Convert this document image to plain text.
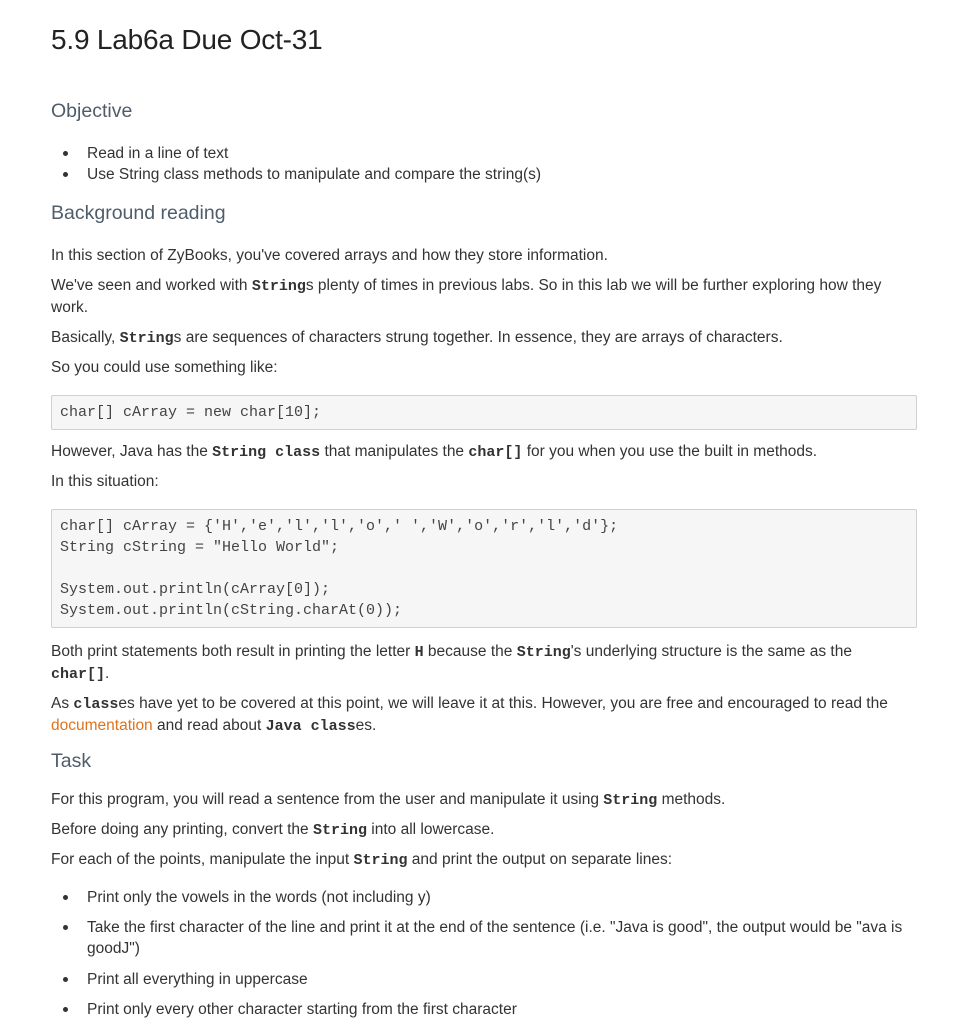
5.9 Lab6a Due Oct-31
Objective
Read in a line of text
Use String class methods to manipulate and compare the string(s)
Background reading
In this section of ZyBooks, you've covered arrays and how they store information.
We've seen and worked with Strings plenty of times in previous labs. So in this lab we will be further exploring how they work.
Basically, Strings are sequences of characters strung together. In essence, they are arrays of characters.
So you could use something like:
char[] cArray = new char[10];
However, Java has the String class that manipulates the char[] for you when you use the built in methods.
In this situation:
char[] cArray = {'H','e','l','l','o',' ','W','o','r','l','d'};
String cString = "Hello World";

System.out.println(cArray[0]);
System.out.println(cString.charAt(0));
Both print statements both result in printing the letter H because the String's underlying structure is the same as the char[].
As classes have yet to be covered at this point, we will leave it at this. However, you are free and encouraged to read the documentation and read about Java classes.
Task
For this program, you will read a sentence from the user and manipulate it using String methods.
Before doing any printing, convert the String into all lowercase.
For each of the points, manipulate the input String and print the output on separate lines:
Print only the vowels in the words (not including y)
Take the first character of the line and print it at the end of the sentence (i.e. "Java is good", the output would be "ava is goodJ")
Print all everything in uppercase
Print only every other character starting from the first character
